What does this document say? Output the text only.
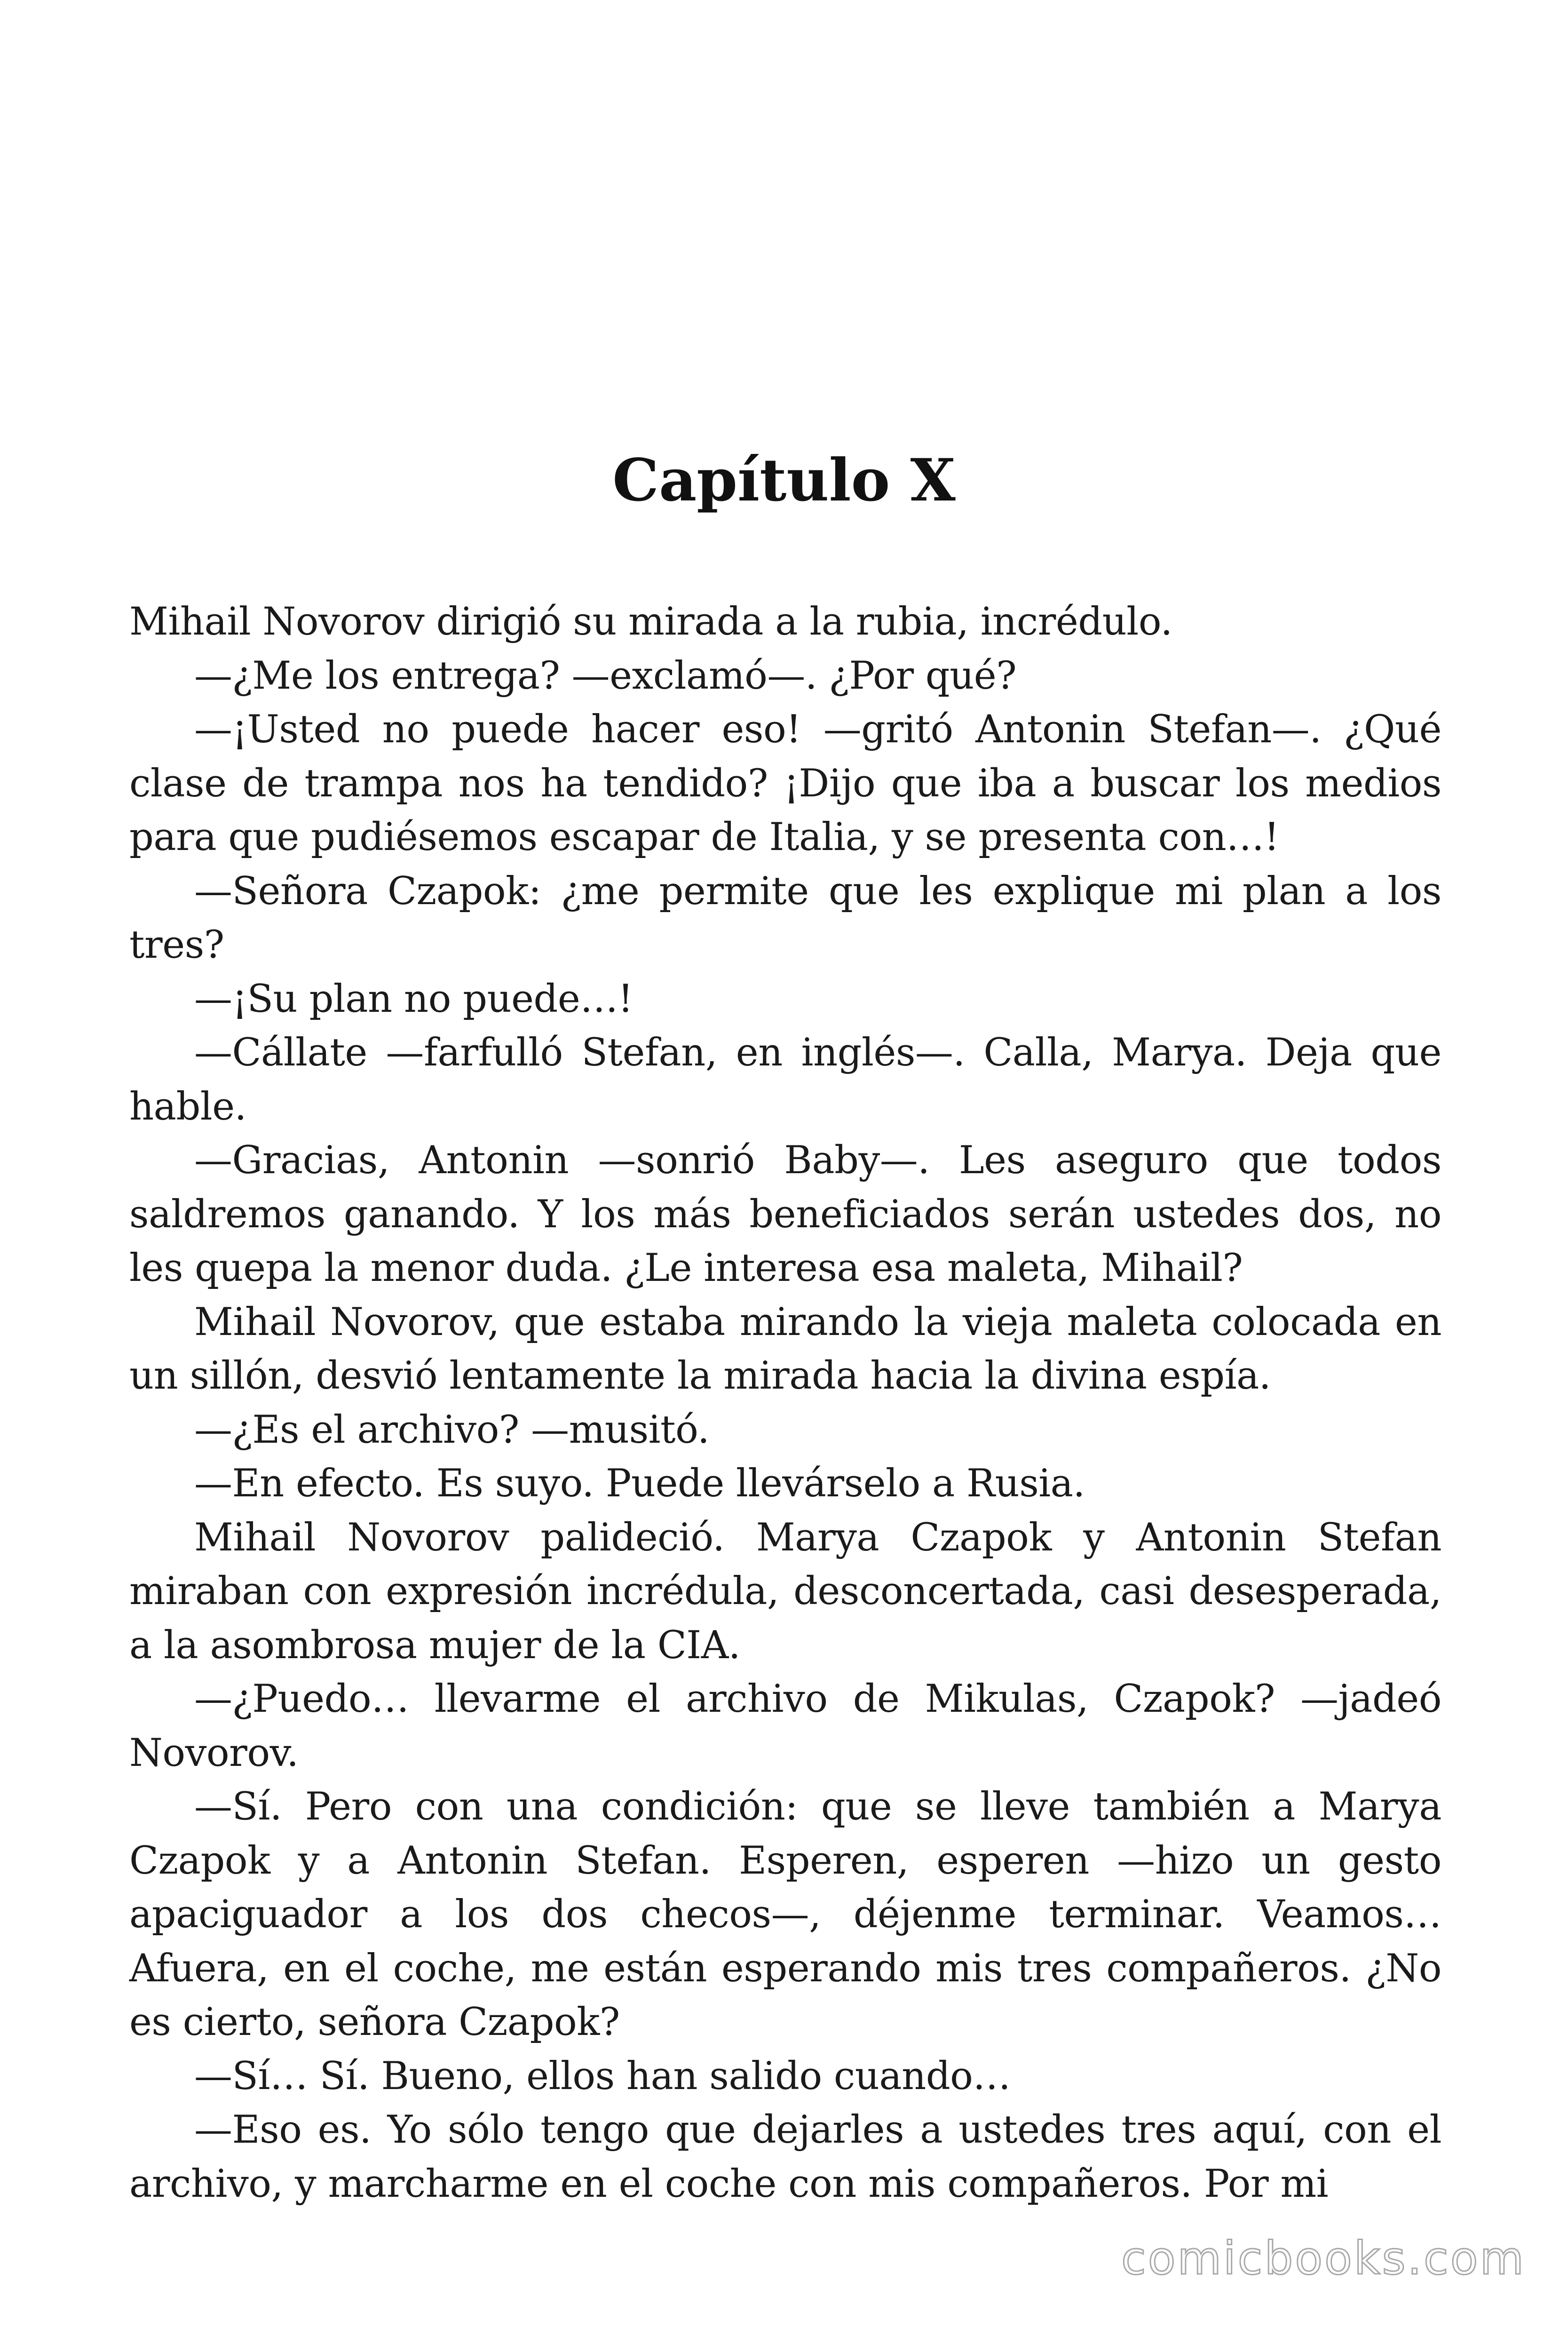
Capítulo X

Mihail Novorov dirigió su mirada a la rubia, incrédulo.

—¿Me los entrega? —exclamó—. ¿Por qué?

—¡Usted no puede hacer eso! —gritó Antonin Stefan—. ¿Qué clase de trampa nos ha tendido? ¡Dijo que iba a buscar los medios para que pudiésemos escapar de Italia, y se presenta con…!

—Señora Czapok: ¿me permite que les explique mi plan a los tres?

—¡Su plan no puede…!

—Cállate —farfulló Stefan, en inglés—. Calla, Marya. Deja que hable.

—Gracias, Antonin —sonrió Baby—. Les aseguro que todos saldremos ganando. Y los más beneficiados serán ustedes dos, no les quepa la menor duda. ¿Le interesa esa maleta, Mihail?

Mihail Novorov, que estaba mirando la vieja maleta colocada en un sillón, desvió lentamente la mirada hacia la divina espía.

—¿Es el archivo? —musitó.

—En efecto. Es suyo. Puede llevárselo a Rusia.

Mihail Novorov palideció. Marya Czapok y Antonin Stefan miraban con expresión incrédula, desconcertada, casi desesperada, a la asombrosa mujer de la CIA.

—¿Puedo… llevarme el archivo de Mikulas, Czapok? —jadeó Novorov.

—Sí. Pero con una condición: que se lleve también a Marya Czapok y a Antonin Stefan. Esperen, esperen —hizo un gesto apaciguador a los dos checos—, déjenme terminar. Veamos… Afuera, en el coche, me están esperando mis tres compañeros. ¿No es cierto, señora Czapok?

—Sí… Sí. Bueno, ellos han salido cuando…

—Eso es. Yo sólo tengo que dejarles a ustedes tres aquí, con el archivo, y marcharme en el coche con mis compañeros. Por mi

comicbooks.com
